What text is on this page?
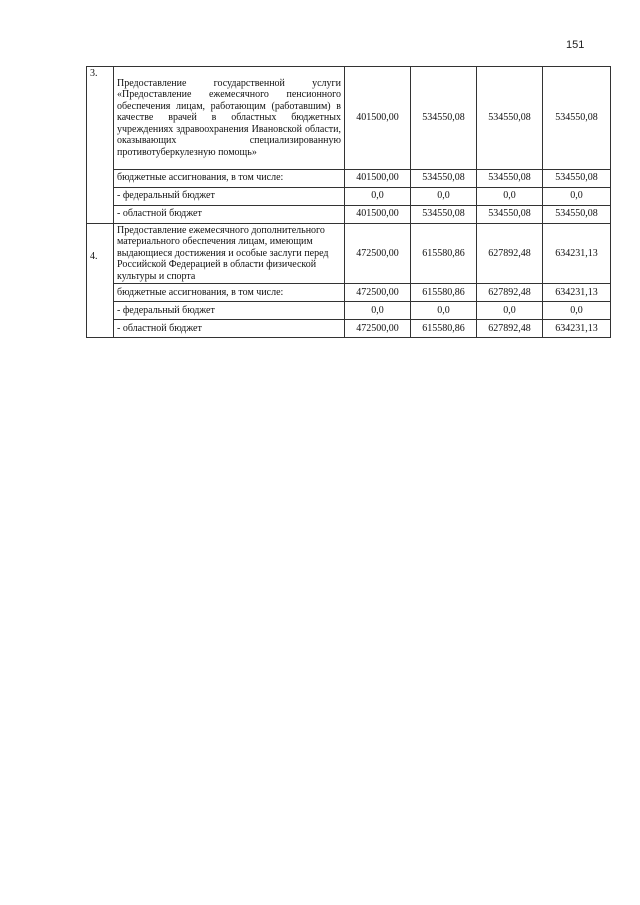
151
3.	Предоставление государственной услуги «Предоставление ежемесячного пенсионного обеспечения лицам, работающим (работавшим) в качестве врачей в областных бюджетных учреждениях здравоохранения Ивановской области, оказывающих специализированную противотуберкулезную помощь»	401500,00	534550,08	534550,08	534550,08
	бюджетные ассигнования, в том числе:	401500,00	534550,08	534550,08	534550,08
	- федеральный бюджет	0,0	0,0	0,0	0,0
	- областной бюджет	401500,00	534550,08	534550,08	534550,08

4.	Предоставление ежемесячного дополнительного материального обеспечения лицам, имеющим выдающиеся достижения и особые заслуги перед Российской Федерацией в области физической культуры и спорта	472500,00	615580,86	627892,48	634231,13
	бюджетные ассигнования, в том числе:	472500,00	615580,86	627892,48	634231,13
	- федеральный бюджет	0,0	0,0	0,0	0,0
	- областной бюджет	472500,00	615580,86	627892,48	634231,13
